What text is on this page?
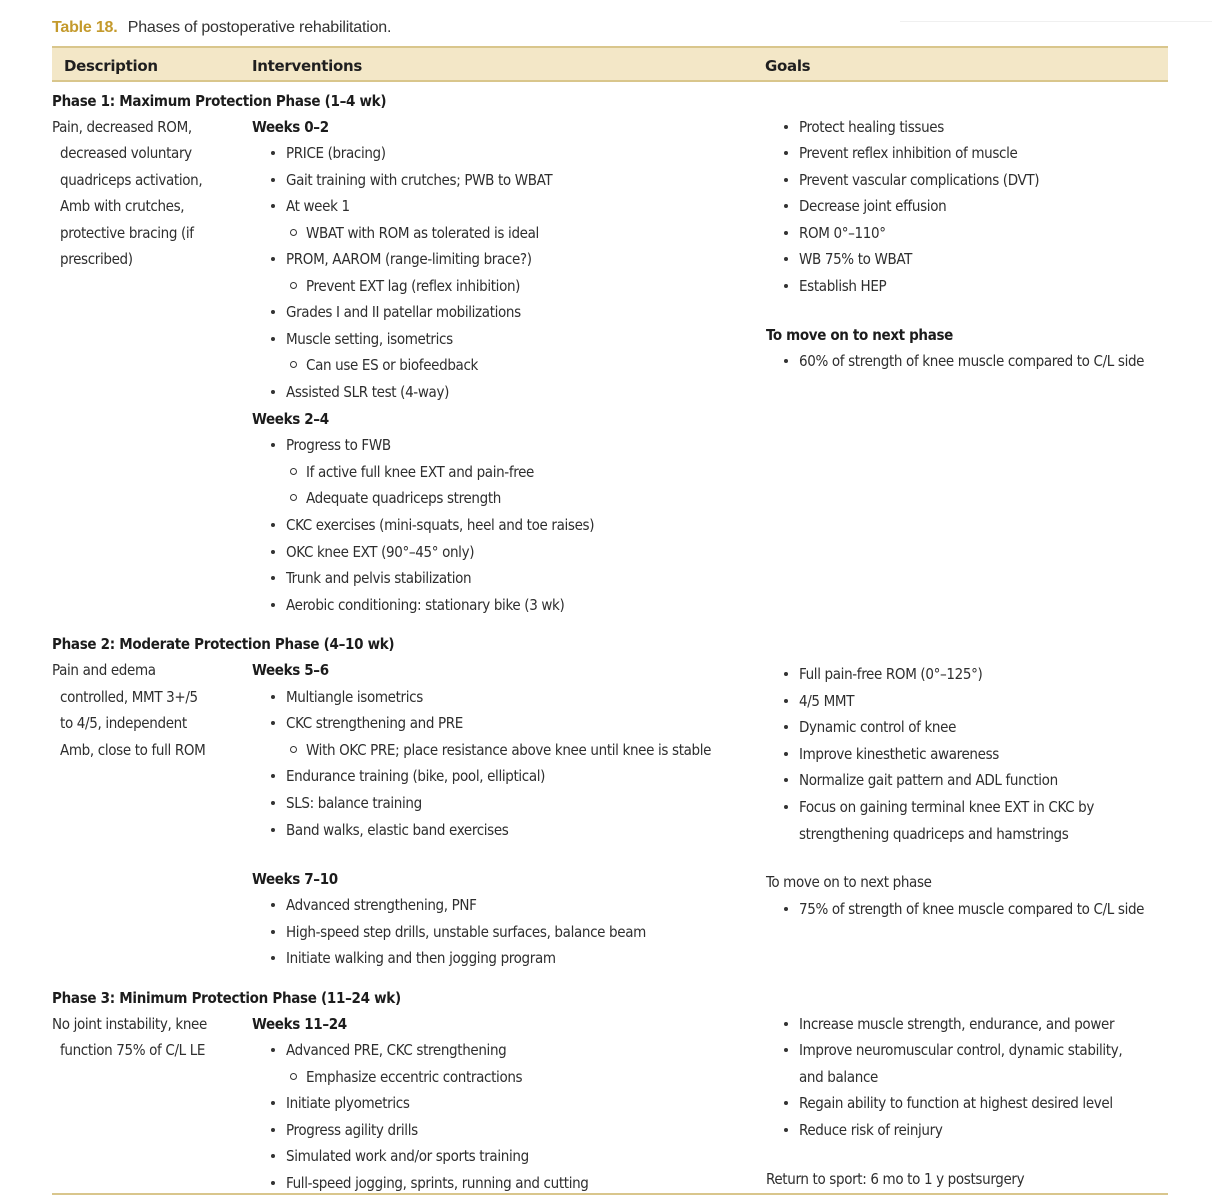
Table 18. Phases of postoperative rehabilitation.
Description	Interventions	Goals
Phase 1: Maximum Protection Phase (1–4 wk)
Pain, decreased ROM,
decreased voluntary
quadriceps activation,
Amb with crutches,
protective bracing (if
prescribed)
Weeks 0–2
PRICE (bracing)
Gait training with crutches; PWB to WBAT
At week 1
WBAT with ROM as tolerated is ideal
PROM, AAROM (range-limiting brace?)
Prevent EXT lag (reflex inhibition)
Grades I and II patellar mobilizations
Muscle setting, isometrics
Can use ES or biofeedback
Assisted SLR test (4-way)
Weeks 2–4
Progress to FWB
If active full knee EXT and pain-free
Adequate quadriceps strength
CKC exercises (mini-squats, heel and toe raises)
OKC knee EXT (90°–45° only)
Trunk and pelvis stabilization
Aerobic conditioning: stationary bike (3 wk)
Protect healing tissues
Prevent reflex inhibition of muscle
Prevent vascular complications (DVT)
Decrease joint effusion
ROM 0°–110°
WB 75% to WBAT
Establish HEP
To move on to next phase
60% of strength of knee muscle compared to C/L side
Phase 2: Moderate Protection Phase (4–10 wk)
Pain and edema
controlled, MMT 3+/5
to 4/5, independent
Amb, close to full ROM
Weeks 5–6
Multiangle isometrics
CKC strengthening and PRE
With OKC PRE; place resistance above knee until knee is stable
Endurance training (bike, pool, elliptical)
SLS: balance training
Band walks, elastic band exercises
Weeks 7–10
Advanced strengthening, PNF
High-speed step drills, unstable surfaces, balance beam
Initiate walking and then jogging program
Full pain-free ROM (0°–125°)
4/5 MMT
Dynamic control of knee
Improve kinesthetic awareness
Normalize gait pattern and ADL function
Focus on gaining terminal knee EXT in CKC by
strengthening quadriceps and hamstrings
To move on to next phase
75% of strength of knee muscle compared to C/L side
Phase 3: Minimum Protection Phase (11–24 wk)
No joint instability, knee
function 75% of C/L LE
Weeks 11–24
Advanced PRE, CKC strengthening
Emphasize eccentric contractions
Initiate plyometrics
Progress agility drills
Simulated work and/or sports training
Full-speed jogging, sprints, running and cutting
Increase muscle strength, endurance, and power
Improve neuromuscular control, dynamic stability,
and balance
Regain ability to function at highest desired level
Reduce risk of reinjury
Return to sport: 6 mo to 1 y postsurgery
